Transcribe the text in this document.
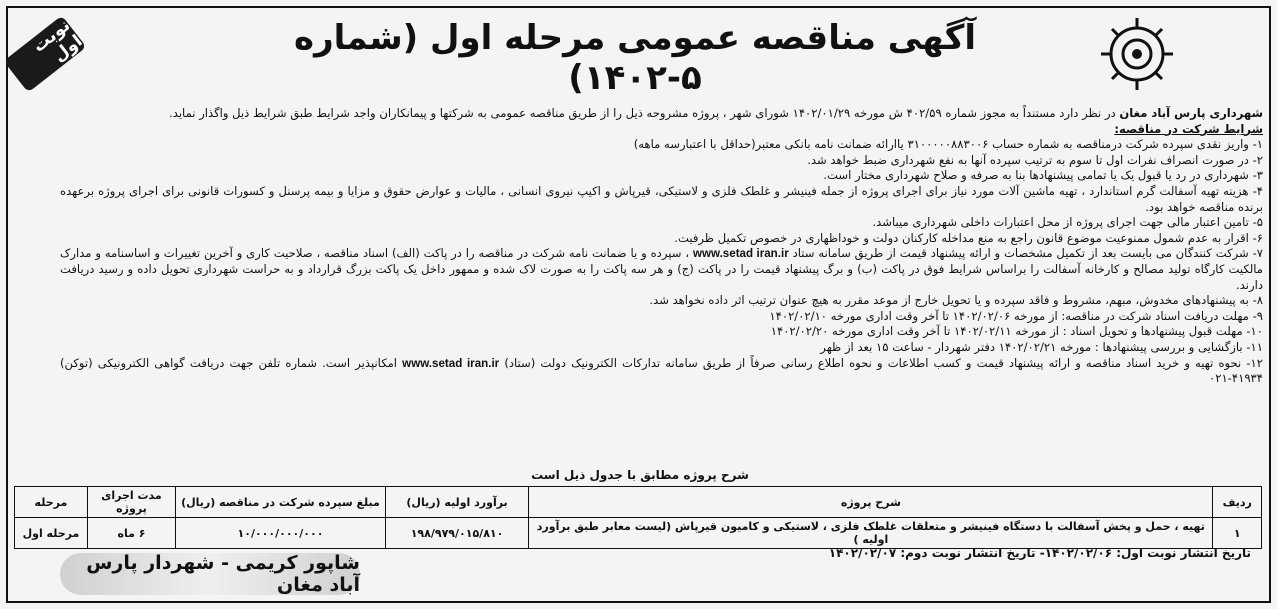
نوبت اول	آگهی مناقصه عمومی مرحله اول (شماره ۵-۱۴۰۲)

شهرداری پارس آباد مغان در نظر دارد مستنداً به مجوز شماره ۴۰۲/۵۹ ش مورخه ۱۴۰۲/۰۱/۲۹ شورای شهر ، پروژه مشروحه ذیل را از طریق مناقصه عمومی به شرکتها و پیمانکاران واجد شرایط طبق شرایط ذیل واگذار نماید.

شرایط شرکت در مناقصه:

۱- واریز نقدی سپرده شرکت درمناقصه به شماره حساب ۳۱۰۰۰۰۰۸۸۳۰۰۶ یاارائه ضمانت نامه بانکی معتبر(حداقل با اعتبارسه ماهه)

۲- در صورت انصراف نفرات اول تا سوم به ترتیب سپرده آنها به نفع شهرداری ضبط خواهد شد.

۳- شهرداری در رد یا قبول یک یا تمامی پیشنهادها بنا به صرفه و صلاح شهرداری مختار است.

۴- هزینه تهیه آسفالت گرم استاندارد ، تهیه ماشین آلات مورد نیاز برای اجرای پروژه از جمله فینیشر و غلطک فلزی و لاستیکی، قیرپاش و اکیپ نیروی انسانی ، مالیات و عوارض حقوق و مزایا و بیمه پرسنل و کسورات قانونی برای اجرای پروژه برعهده برنده مناقصه خواهد بود.

۵- تامین اعتبار مالی جهت اجرای پروژه از محل اعتبارات داخلی شهرداری میباشد.

۶- اقرار به عدم شمول ممنوعیت موضوع قانون راجع به منع مداخله کارکنان دولت و خوداظهاری در خصوص تکمیل ظرفیت.

۷- شرکت کنندگان می بایست بعد از تکمیل مشخصات و ارائه پیشنهاد قیمت از طریق سامانه ستاد www.setad iran.ir ، سپرده و یا ضمانت نامه شرکت در مناقصه را در پاکت (الف) اسناد مناقصه ، صلاحیت کاری و آخرین تغییرات و اساسنامه و مدارک مالکیت کارگاه تولید مصالح و کارخانه آسفالت را براساس شرایط فوق در پاکت (ب) و برگ پیشنهاد قیمت را در پاکت (ج) و هر سه پاکت را به صورت لاک شده و ممهور داخل یک پاکت بزرگ قرارداد و به حراست شهرداری تحویل داده و رسید دریافت دارند.

۸- به پیشنهادهای مخدوش، مبهم، مشروط و فاقد سپرده و یا تحویل خارج از موعد مقرر به هیچ عنوان ترتیب اثر داده نخواهد شد.

۹- مهلت دریافت اسناد شرکت در مناقصه: از مورخه ۱۴۰۲/۰۲/۰۶ تا آخر وقت اداری مورخه ۱۴۰۲/۰۲/۱۰

۱۰- مهلت قبول پیشنهادها و تحویل اسناد : از مورخه ۱۴۰۲/۰۲/۱۱ تا آخر وقت اداری مورخه ۱۴۰۲/۰۲/۲۰

۱۱- بازگشایی و بررسی پیشنهادها : مورخه ۱۴۰۲/۰۲/۲۱ دفتر شهردار - ساعت ۱۵ بعد از ظهر

۱۲- نحوه تهیه و خرید اسناد مناقصه و ارائه پیشنهاد قیمت و کسب اطلاعات و نحوه اطلاع رسانی صرفاً از طریق سامانه تدارکات الکترونیک دولت (ستاد) www.setad iran.ir امکانپذیر است. شماره تلفن جهت دریافت گواهی الکترونیکی (توکن) ۴۱۹۳۴-۰۲۱

شرح پروژه مطابق با جدول ذیل است
ردیف	شرح پروژه	برآورد اولیه (ریال)	مبلغ سپرده شرکت در مناقصه (ریال)	مدت اجرای پروژه	مرحله
۱	تهیه ، حمل و پخش آسفالت با دستگاه فینیشر و متعلقات غلطک فلزی ، لاستیکی و کامیون قیرپاش (لیست معابر طبق برآورد اولیه )	۱۹۸/۹۷۹/۰۱۵/۸۱۰	۱۰/۰۰۰/۰۰۰/۰۰۰	۶ ماه	مرحله اول
تاریخ انتشار نوبت اول: ۱۴۰۲/۰۲/۰۶- تاریخ انتشار نوبت دوم: ۱۴۰۲/۰۲/۰۷
شاپور کریمی - شهردار پارس آباد مغان
